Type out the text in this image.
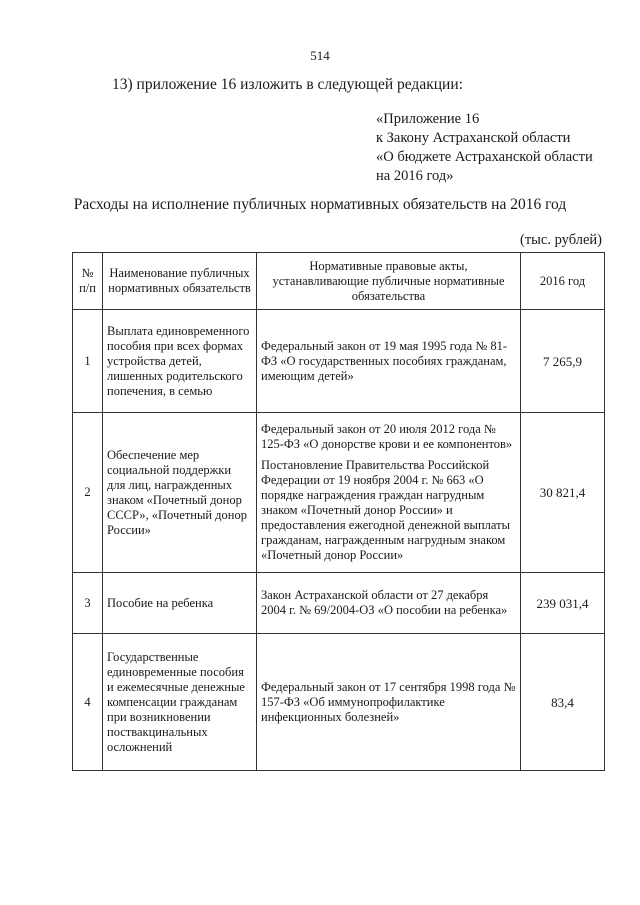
514
13) приложение 16 изложить в следующей редакции:
«Приложение 16
к Закону Астраханской области
«О бюджете Астраханской области
на 2016 год»
Расходы на исполнение публичных нормативных обязательств на 2016 год
(тыс. рублей)
№ п/п	Наименование публичных нормативных обязательств	Нормативные правовые акты, устанавливающие публичные нормативные обязательства	2016 год
1	Выплата единовременного пособия при всех формах устройства детей, лишенных родительского попечения, в семью	Федеральный закон от 19 мая 1995 года № 81-ФЗ «О государственных пособиях гражданам, имеющим детей»	7 265,9
2	Обеспечение мер социальной поддержки для лиц, награжденных знаком «Почетный донор СССР», «Почетный донор России»	Федеральный закон от 20 июля 2012 года № 125-ФЗ «О донорстве крови и ее компонентов»
Постановление Правительства Российской Федерации от 19 ноября 2004 г. № 663 «О порядке награждения граждан нагрудным знаком «Почетный донор России» и предоставления ежегодной денежной выплаты гражданам, награжденным нагрудным знаком «Почетный донор России»	30 821,4
3	Пособие на ребенка	Закон Астраханской области от 27 декабря 2004 г. № 69/2004-ОЗ «О пособии на ребенка»	239 031,4
4	Государственные единовременные пособия и ежемесячные денежные компенсации гражданам при возникновении поствакцинальных осложнений	Федеральный закон от 17 сентября 1998 года № 157-ФЗ «Об иммунопрофилактике инфекционных болезней»	83,4
